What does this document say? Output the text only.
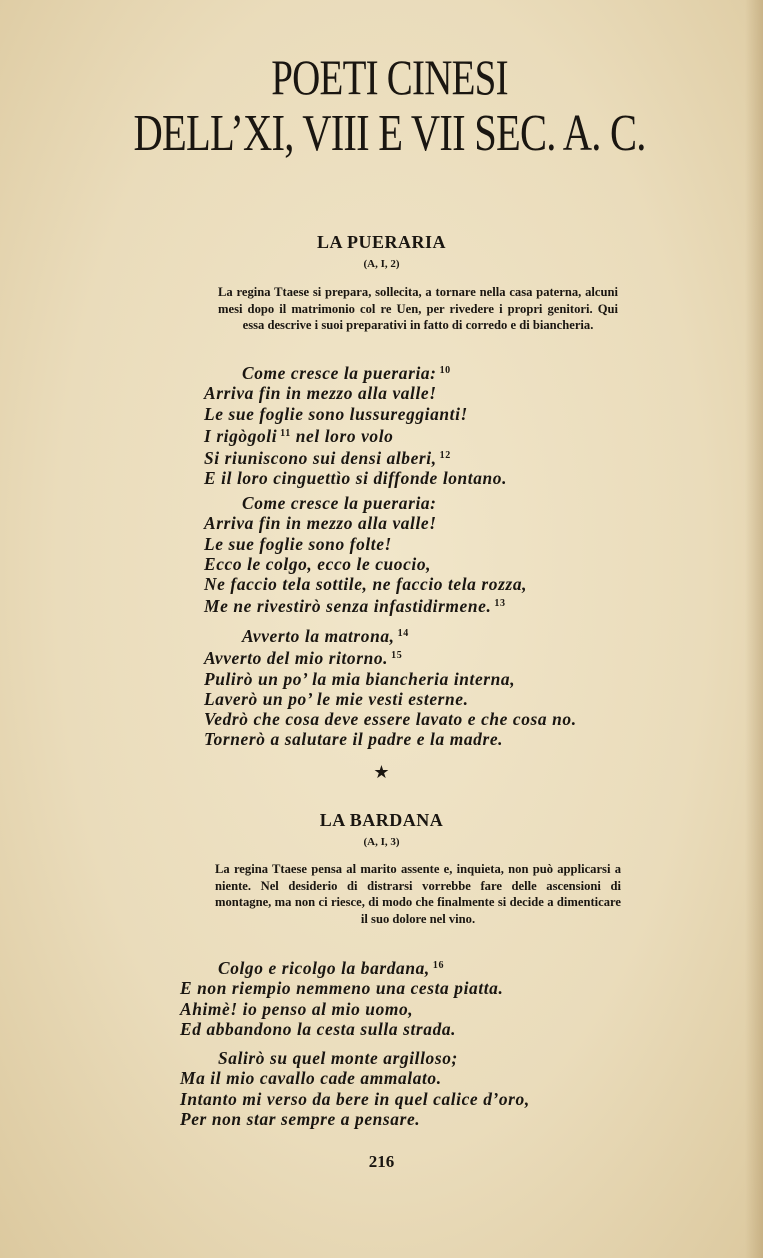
POETI CINESI
DELL’XI, VIII E VII SEC. A. C.
LA PUERARIA
(A, I, 2)
La regina Ttaese si prepara, sollecita, a tornare nella casa paterna, alcuni mesi dopo il matrimonio col re Uen, per rivedere i propri genitori. Qui essa descrive i suoi preparativi in fatto di corredo e di biancheria.
Come cresce la pueraria: $^{10}$
Arriva fin in mezzo alla valle!
Le sue foglie sono lussureggianti!
I rigògoli $^{11}$ nel loro volo
Si riuniscono sui densi alberi, $^{12}$
E il loro cinguettìo si diffonde lontano.
Come cresce la pueraria:
Arriva fin in mezzo alla valle!
Le sue foglie sono folte!
Ecco le colgo, ecco le cuocio,
Ne faccio tela sottile, ne faccio tela rozza,
Me ne rivestirò senza infastidirmene. $^{13}$
Avverto la matrona, $^{14}$
Avverto del mio ritorno. $^{15}$
Pulirò un po’ la mia biancheria interna,
Laverò un po’ le mie vesti esterne.
Vedrò che cosa deve essere lavato e che cosa no.
Tornerò a salutare il padre e la madre.
★
LA BARDANA
(A, I, 3)
La regina Ttaese pensa al marito assente e, inquieta, non può applicarsi a niente. Nel desiderio di distrarsi vorrebbe fare delle ascensioni di montagne, ma non ci riesce, di modo che finalmente si decide a dimenticare il suo dolore nel vino.
Colgo e ricolgo la bardana, $^{16}$
E non riempio nemmeno una cesta piatta.
Ahimè! io penso al mio uomo,
Ed abbandono la cesta sulla strada.
Salirò su quel monte argilloso;
Ma il mio cavallo cade ammalato.
Intanto mi verso da bere in quel calice d’oro,
Per non star sempre a pensare.
216
